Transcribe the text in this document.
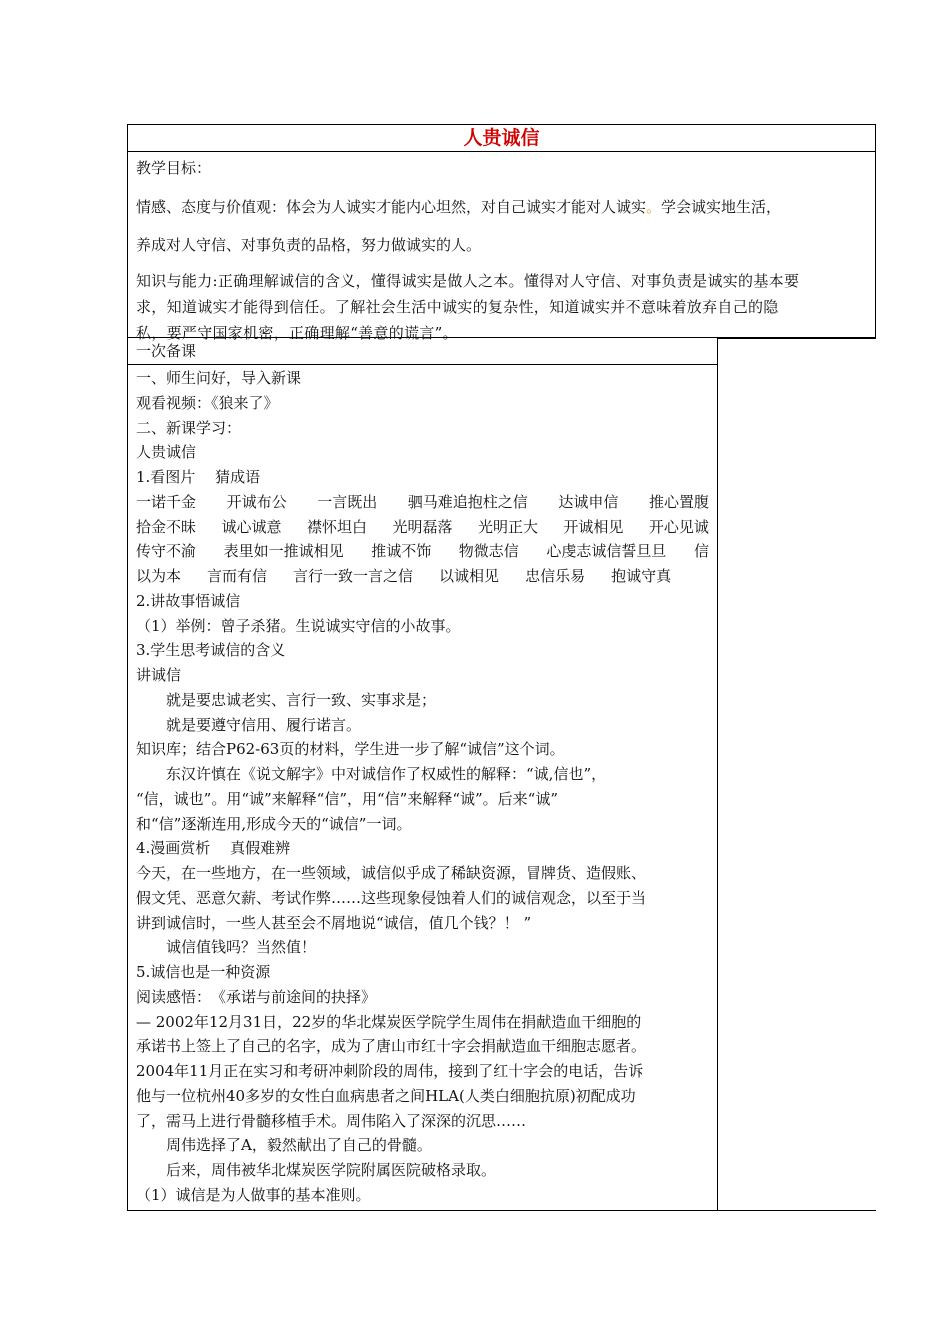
人贵诚信

教学目标：

情感、态度与价值观：体会为人诚实才能内心坦然，对自己诚实才能对人诚实。学会诚实地生活，

养成对人守信、对事负责的品格，努力做诚实的人。

知识与能力:正确理解诚信的含义，懂得诚实是做人之本。懂得对人守信、对事负责是诚实的基本要

求，知道诚实才能得到信任。了解社会生活中诚实的复杂性，知道诚实并不意味着放弃自己的隐

私，要严守国家机密，正确理解“善意的谎言”。

一次备课

一、师生问好，导入新课

观看视频：《狼来了》

二、新课学习：

人贵诚信

1.看图片　 猜成语

一诺千金 开诚布公 一言既出 驷马难追抱柱之信 达诚申信 推心置腹
拾金不昧 诚心诚意 襟怀坦白 光明磊落 光明正大 开诚相见 开心见诚
传守不渝 表里如一推诚相见 推诚不饰 物微志信 心虔志诚信誓旦旦 信
以为本 言而有信 言行一致一言之信 以诚相见 忠信乐易 抱诚守真

2.讲故事悟诚信

（1）举例：曾子杀猪。生说诚实守信的小故事。

3.学生思考诚信的含义

讲诚信

就是要忠诚老实、言行一致、实事求是；

就是要遵守信用、履行诺言。

知识库；结合P62-63页的材料，学生进一步了解“诚信”这个词。

东汉许慎在《说文解字》中对诚信作了权威性的解释：“诚,信也”，

“信，诚也”。用“诚”来解释“信”，用“信”来解释“诚”。后来“诚”

和“信”逐渐连用,形成今天的“诚信”一词。

4.漫画赏析　 真假难辨

今天，在一些地方，在一些领域，诚信似乎成了稀缺资源，冒牌货、造假账、

假文凭、恶意欠薪、考试作弊……这些现象侵蚀着人们的诚信观念，以至于当

讲到诚信时，一些人甚至会不屑地说“诚信，值几个钱？！ ”

诚信值钱吗？当然值！

5.诚信也是一种资源

阅读感悟：　《承诺与前途间的抉择》

— 2002年12月31日，22岁的华北煤炭医学院学生周伟在捐献造血干细胞的

承诺书上签上了自己的名字，成为了唐山市红十字会捐献造血干细胞志愿者。

2004年11月正在实习和考研冲刺阶段的周伟，接到了红十字会的电话，告诉

他与一位杭州40多岁的女性白血病患者之间HLA(人类白细胞抗原)初配成功

了，需马上进行骨髓移植手术。周伟陷入了深深的沉思……

周伟选择了A，毅然献出了自己的骨髓。

后来，周伟被华北煤炭医学院附属医院破格录取。

（1）诚信是为人做事的基本准则。
